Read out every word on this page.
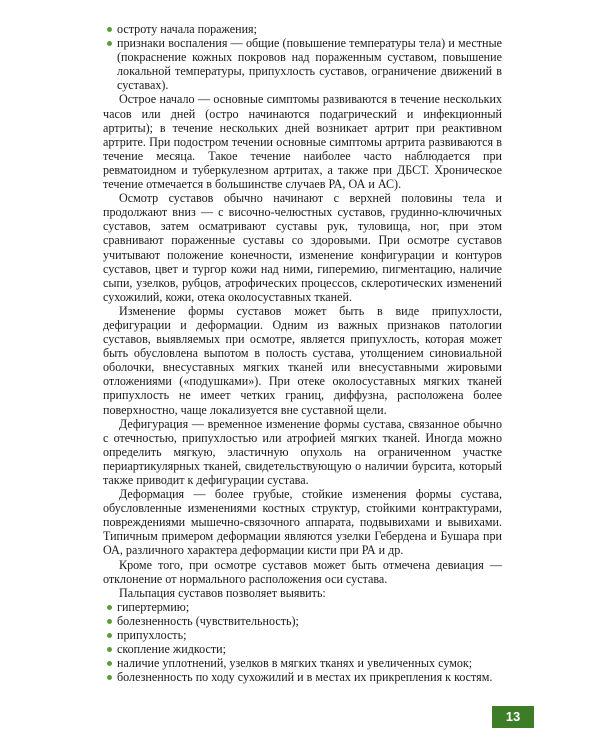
остроту начала поражения;
признаки воспаления — общие (повышение температуры тела) и местные (покраснение кожных покровов над пораженным суставом, повышение локальной температуры, припухлость суставов, ограничение движений в суставах).

Острое начало — основные симптомы развиваются в течение нескольких часов или дней (остро начинаются подагрический и инфекционный артриты); в течение нескольких дней возникает артрит при реактивном артрите. При подостром течении основные симптомы артрита развиваются в течение месяца. Такое течение наиболее часто наблюдается при ревматоидном и туберкулезном артритах, а также при ДБСТ. Хроническое течение отмечается в большинстве случаев РА, ОА и АС).

Осмотр суставов обычно начинают с верхней половины тела и продолжают вниз — с височно-челюстных суставов, грудинно-ключичных суставов, затем осматривают суставы рук, туловища, ног, при этом сравнивают пораженные суставы со здоровыми. При осмотре суставов учитывают положение конечности, изменение конфигурации и контуров суставов, цвет и тургор кожи над ними, гиперемию, пигментацию, наличие сыпи, узелков, рубцов, атрофических процессов, склеротических изменений сухожилий, кожи, отека околосуставных тканей.

Изменение формы суставов может быть в виде припухлости, дефигурации и деформации. Одним из важных признаков патологии суставов, выявляемых при осмотре, является припухлость, которая может быть обусловлена выпотом в полость сустава, утолщением синовиальной оболочки, внесуставных мягких тканей или внесуставными жировыми отложениями («подушками»). При отеке околосуставных мягких тканей припухлость не имеет четких границ, диффузна, расположена более поверхностно, чаще локализуется вне суставной щели.

Дефигурация — временное изменение формы сустава, связанное обычно с отечностью, припухлостью или атрофией мягких тканей. Иногда можно определить мягкую, эластичную опухоль на ограниченном участке периартикулярных тканей, свидетельствующую о наличии бурсита, который также приводит к дефигурации сустава.

Деформация — более грубые, стойкие изменения формы сустава, обусловленные изменениями костных структур, стойкими контрактурами, повреждениями мышечно-связочного аппарата, подвывихами и вывихами. Типичным примером деформации являются узелки Гебердена и Бушара при ОА, различного характера деформации кисти при РА и др.

Кроме того, при осмотре суставов может быть отмечена девиация — отклонение от нормального расположения оси сустава.

Пальпация суставов позволяет выявить:

гипертермию;
болезненность (чувствительность);
припухлость;
скопление жидкости;
наличие уплотнений, узелков в мягких тканях и увеличенных сумок;
болезненность по ходу сухожилий и в местах их прикрепления к костям.
13
